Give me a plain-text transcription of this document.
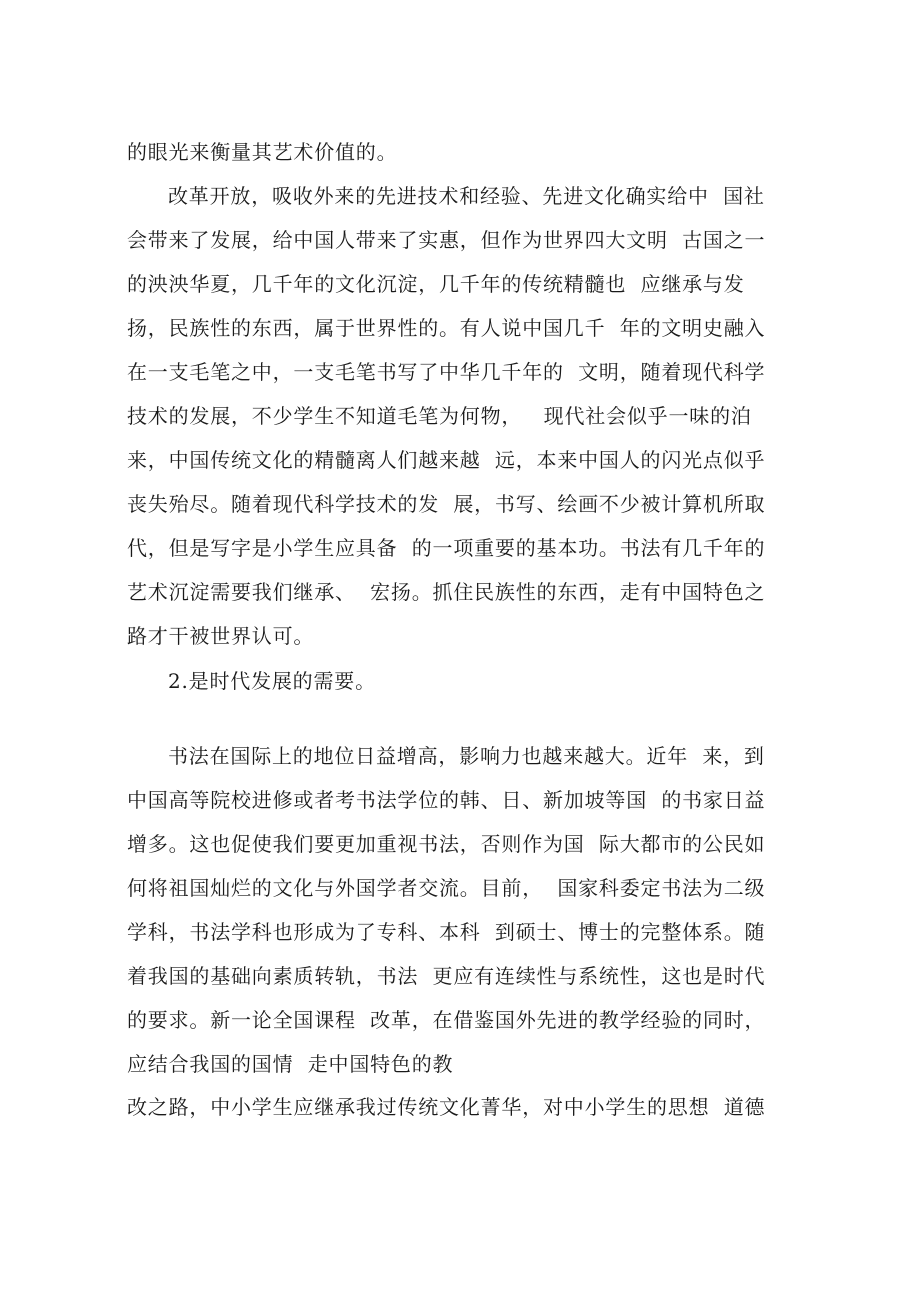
的眼光来衡量其艺术价值的。
改革开放，吸收外来的先进技术和经验、先进文化确实给中  国社
会带来了发展，给中国人带来了实惠，但作为世界四大文明  古国之一
的泱泱华夏，几千年的文化沉淀，几千年的传统精髓也  应继承与发
扬，民族性的东西，属于世界性的。有人说中国几千  年的文明史融入
在一支毛笔之中，一支毛笔书写了中华几千年的  文明，随着现代科学
技术的发展，不少学生不知道毛笔为何物，   现代社会似乎一味的泊
来，中国传统文化的精髓离人们越来越  远，本来中国人的闪光点似乎
丧失殆尽。随着现代科学技术的发  展，书写、绘画不少被计算机所取
代，但是写字是小学生应具备  的一项重要的基本功。书法有几千年的
艺术沉淀需要我们继承、  宏扬。抓住民族性的东西，走有中国特色之
路才干被世界认可。
2.是时代发展的需要。
书法在国际上的地位日益增高，影响力也越来越大。近年  来，到
中国高等院校进修或者考书法学位的韩、日、新加坡等国  的书家日益
增多。这也促使我们要更加重视书法，否则作为国  际大都市的公民如
何将祖国灿烂的文化与外国学者交流。目前，  国家科委定书法为二级
学科，书法学科也形成为了专科、本科  到硕士、博士的完整体系。随
着我国的基础向素质转轨，书法  更应有连续性与系统性，这也是时代
的要求。新一论全国课程  改革，在借鉴国外先进的教学经验的同时，
应结合我国的国情  走中国特色的教
改之路，中小学生应继承我过传统文化菁华，对中小学生的思想  道德
